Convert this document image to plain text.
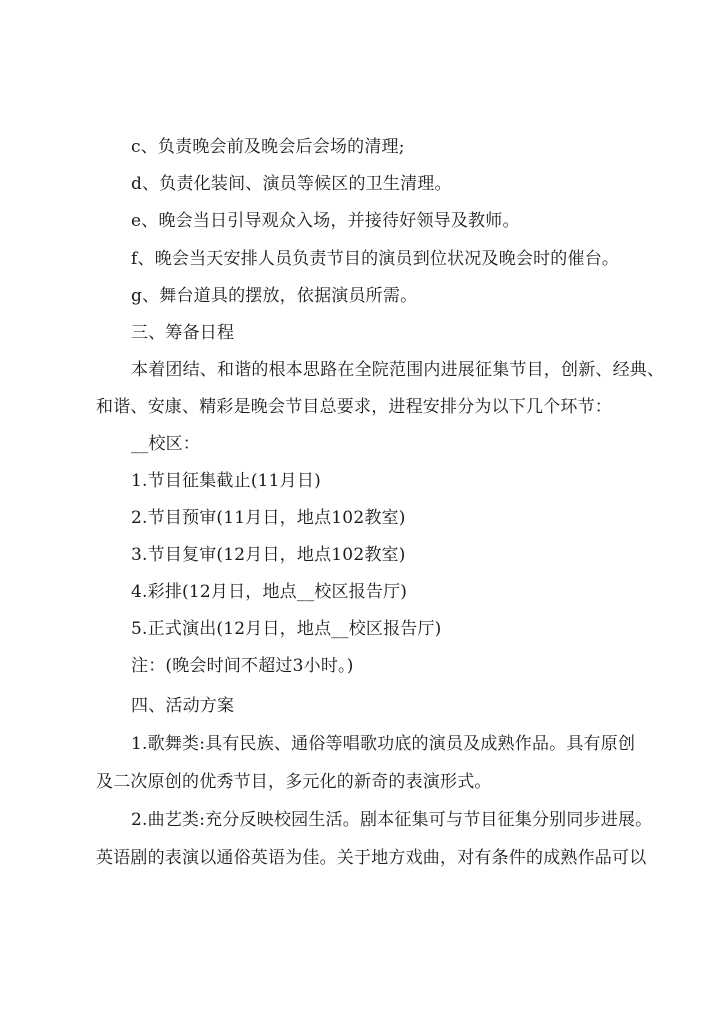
c、负责晚会前及晚会后会场的清理;
d、负责化装间、演员等候区的卫生清理。
e、晚会当日引导观众入场，并接待好领导及教师。
f、晚会当天安排人员负责节目的演员到位状况及晚会时的催台。
g、舞台道具的摆放，依据演员所需。
三、筹备日程
本着团结、和谐的根本思路在全院范围内进展征集节目，创新、经典、
和谐、安康、精彩是晚会节目总要求，进程安排分为以下几个环节：
__校区：
1.节目征集截止(11月日)
2.节目预审(11月日，地点102教室)
3.节目复审(12月日，地点102教室)
4.彩排(12月日，地点__校区报告厅)
5.正式演出(12月日，地点__校区报告厅)
注：(晚会时间不超过3小时。)
四、活动方案
1.歌舞类:具有民族、通俗等唱歌功底的演员及成熟作品。具有原创
及二次原创的优秀节目，多元化的新奇的表演形式。
2.曲艺类:充分反映校园生活。剧本征集可与节目征集分别同步进展。
英语剧的表演以通俗英语为佳。关于地方戏曲，对有条件的成熟作品可以
